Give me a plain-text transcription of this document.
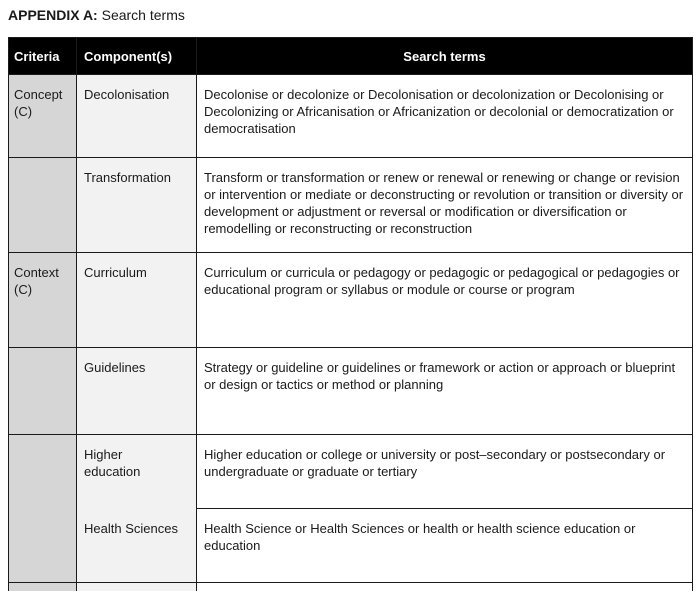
APPENDIX A: Search terms
Criteria	Component(s)	Search terms
Concept (C)	Decolonisation	Decolonise or decolonize or Decolonisation or decolonization or Decolonising or Decolonizing or Africanisation or Africanization or decolonial or democratization or democratisation
	Transformation	Transform or transformation or renew or renewal or renewing or change or revision or intervention or mediate or deconstructing or revolution or transition or diversity or development or adjustment or reversal or modification or diversification or remodelling or reconstructing or reconstruction
Context (C)	Curriculum	Curriculum or curricula or pedagogy or pedagogic or pedagogical or pedagogies or educational program or syllabus or module or course or program
	Guidelines	Strategy or guideline or guidelines or framework or action or approach or blueprint or design or tactics or method or planning
	Higher education	Higher education or college or university or post–secondary or postsecondary or undergraduate or graduate or tertiary
	Health Sciences	Health Science or Health Sciences or health or health science education or education
